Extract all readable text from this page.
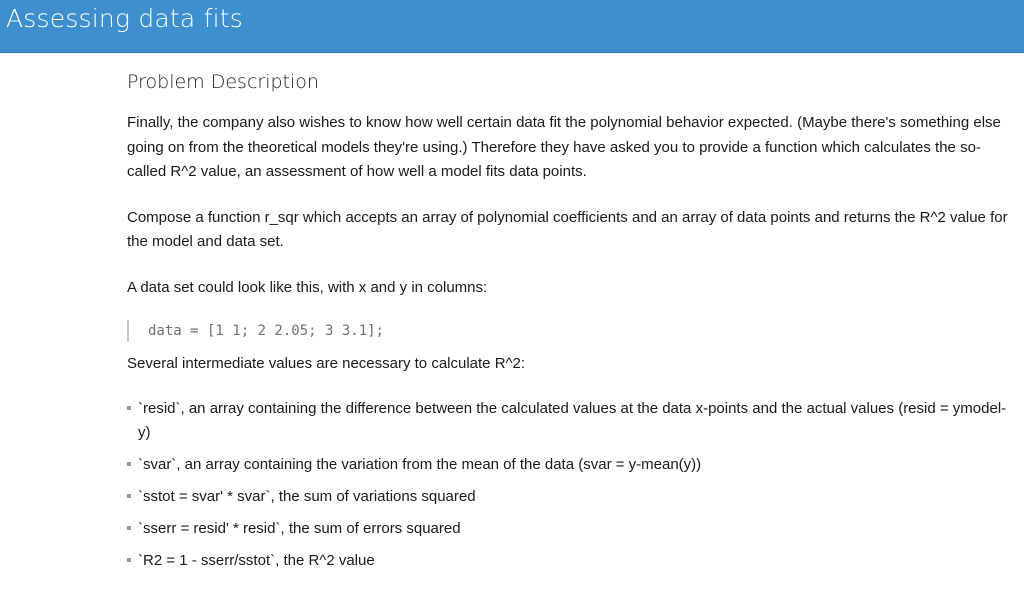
Assessing data fits
Problem Description

Finally, the company also wishes to know how well certain data fit the polynomial behavior expected. (Maybe there's something else going on from the theoretical models they're using.) Therefore they have asked you to provide a function which calculates the so-called R^2 value, an assessment of how well a model fits data points.

Compose a function r_sqr which accepts an array of polynomial coefficients and an array of data points and returns the R^2 value for the model and data set.

A data set could look like this, with x and y in columns:

data = [1 1; 2 2.05; 3 3.1];

Several intermediate values are necessary to calculate R^2:

`resid`, an array containing the difference between the calculated values at the data x-points and the actual values (resid = ymodel-y)
`svar`, an array containing the variation from the mean of the data (svar = y-mean(y))
`sstot = svar' * svar`, the sum of variations squared
`sserr = resid' * resid`, the sum of errors squared
`R2 = 1 - sserr/sstot`, the R^2 value
